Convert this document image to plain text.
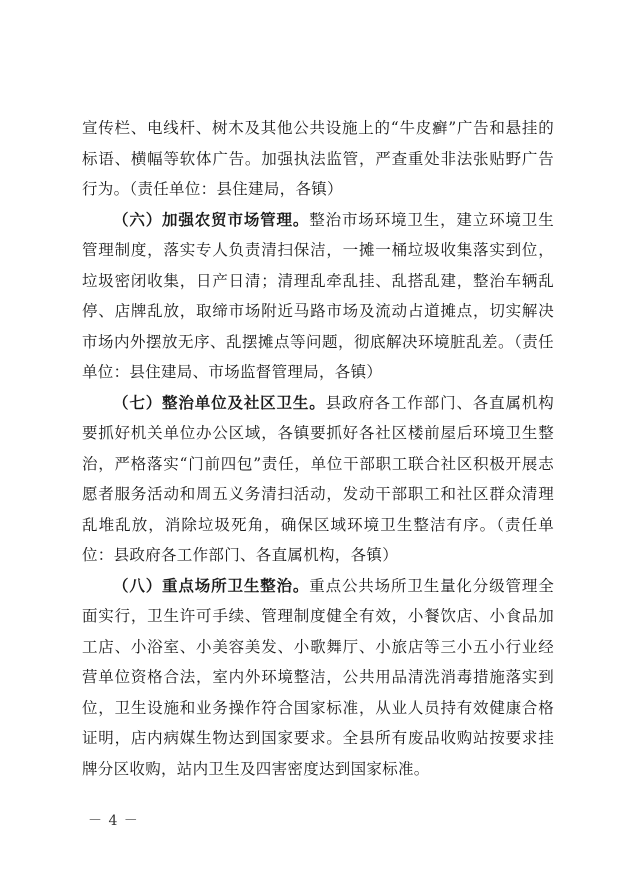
宣传栏、电线杆、树木及其他公共设施上的“牛皮癣”广告和悬挂的标语、横幅等软体广告。加强执法监管，严查重处非法张贴野广告行为。（责任单位：县住建局，各镇）

（六）加强农贸市场管理。整治市场环境卫生，建立环境卫生管理制度，落实专人负责清扫保洁，一摊一桶垃圾收集落实到位，垃圾密闭收集，日产日清；清理乱牵乱挂、乱搭乱建，整治车辆乱停、店牌乱放，取缔市场附近马路市场及流动占道摊点，切实解决市场内外摆放无序、乱摆摊点等问题，彻底解决环境脏乱差。（责任单位：县住建局、市场监督管理局，各镇）

（七）整治单位及社区卫生。县政府各工作部门、各直属机构要抓好机关单位办公区域，各镇要抓好各社区楼前屋后环境卫生整治，严格落实“门前四包”责任，单位干部职工联合社区积极开展志愿者服务活动和周五义务清扫活动，发动干部职工和社区群众清理乱堆乱放，消除垃圾死角，确保区域环境卫生整洁有序。（责任单位：县政府各工作部门、各直属机构，各镇）

（八）重点场所卫生整治。重点公共场所卫生量化分级管理全面实行，卫生许可手续、管理制度健全有效，小餐饮店、小食品加工店、小浴室、小美容美发、小歌舞厅、小旅店等三小五小行业经营单位资格合法，室内外环境整洁，公共用品清洗消毒措施落实到位，卫生设施和业务操作符合国家标准，从业人员持有效健康合格证明，店内病媒生物达到国家要求。全县所有废品收购站按要求挂牌分区收购，站内卫生及四害密度达到国家标准。

－ 4 －
